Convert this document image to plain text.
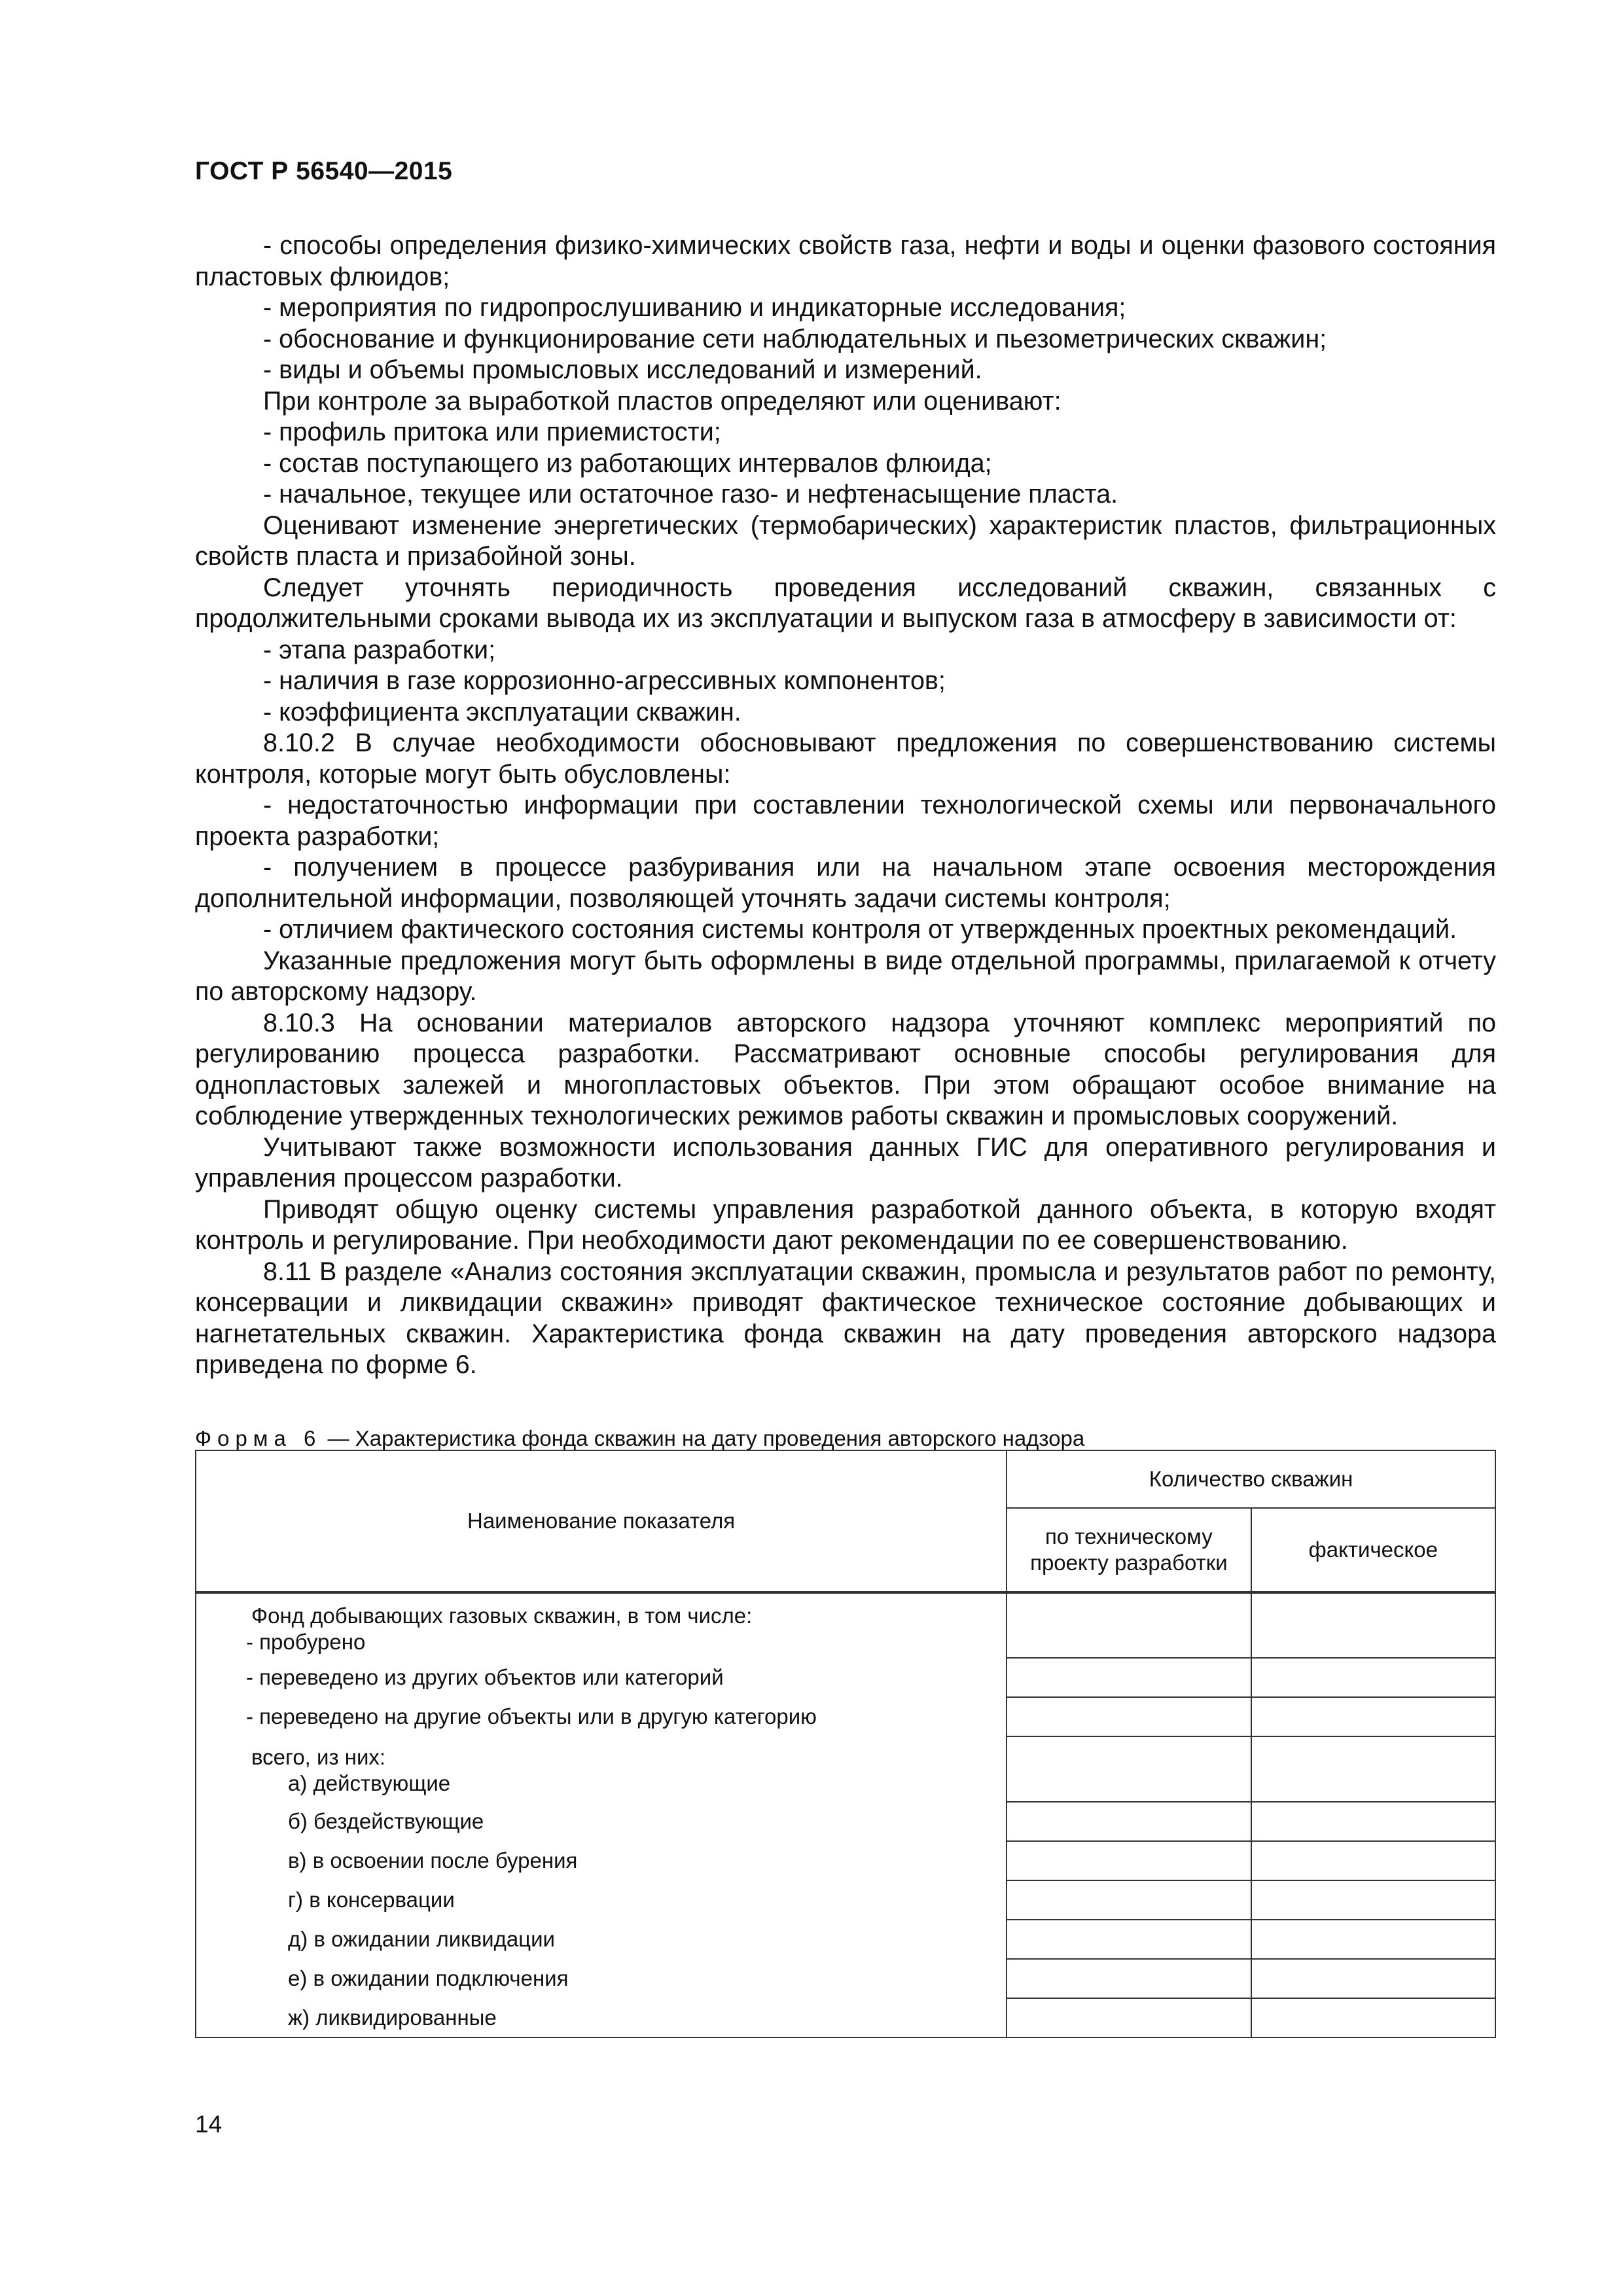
ГОСТ Р 56540—2015

- способы определения физико-химических свойств газа, нефти и воды и оценки фазового состояния пластовых флюидов;

- мероприятия по гидропрослушиванию и индикаторные исследования;

- обоснование и функционирование сети наблюдательных и пьезометрических скважин;

- виды и объемы промысловых исследований и измерений.

При контроле за выработкой пластов определяют или оценивают:

- профиль притока или приемистости;

- состав поступающего из работающих интервалов флюида;

- начальное, текущее или остаточное газо- и нефтенасыщение пласта.

Оценивают изменение энергетических (термобарических) характеристик пластов, фильтрационных свойств пласта и призабойной зоны.

Следует уточнять периодичность проведения исследований скважин, связанных с продолжительными сроками вывода их из эксплуатации и выпуском газа в атмосферу в зависимости от:

- этапа разработки;

- наличия в газе коррозионно-агрессивных компонентов;

- коэффициента эксплуатации скважин.

8.10.2 В случае необходимости обосновывают предложения по совершенствованию системы контроля, которые могут быть обусловлены:

- недостаточностью информации при составлении технологической схемы или первоначального проекта разработки;

- получением в процессе разбуривания или на начальном этапе освоения месторождения дополнительной информации, позволяющей уточнять задачи системы контроля;

- отличием фактического состояния системы контроля от утвержденных проектных рекомендаций.

Указанные предложения могут быть оформлены в виде отдельной программы, прилагаемой к отчету по авторскому надзору.

8.10.3 На основании материалов авторского надзора уточняют комплекс мероприятий по регулированию процесса разработки. Рассматривают основные способы регулирования для однопластовых залежей и многопластовых объектов. При этом обращают особое внимание на соблюдение утвержденных технологических режимов работы скважин и промысловых сооружений.

Учитывают также возможности использования данных ГИС для оперативного регулирования и управления процессом разработки.

Приводят общую оценку системы управления разработкой данного объекта, в которую входят контроль и регулирование. При необходимости дают рекомендации по ее совершенствованию.

8.11 В разделе «Анализ состояния эксплуатации скважин, промысла и результатов работ по ремонту, консервации и ликвидации скважин» приводят фактическое техническое состояние добывающих и нагнетательных скважин. Характеристика фонда скважин на дату проведения авторского надзора приведена по форме 6.

Форма 6 — Характеристика фонда скважин на дату проведения авторского надзора
Наименование показателя	Количество скважин	
	по техническому проекту разработки	фактическое

Фонд добывающих газовых скважин, в том числе:
- пробурено		

- переведено из других объектов или категорий		

- переведено на другие объекты или в другую категорию		

всего, из них:
а) действующие		

б) бездействующие		

в) в освоении после бурения		

г) в консервации		

д) в ожидании ликвидации		

е) в ожидании подключения		

ж) ликвидированные		

14
